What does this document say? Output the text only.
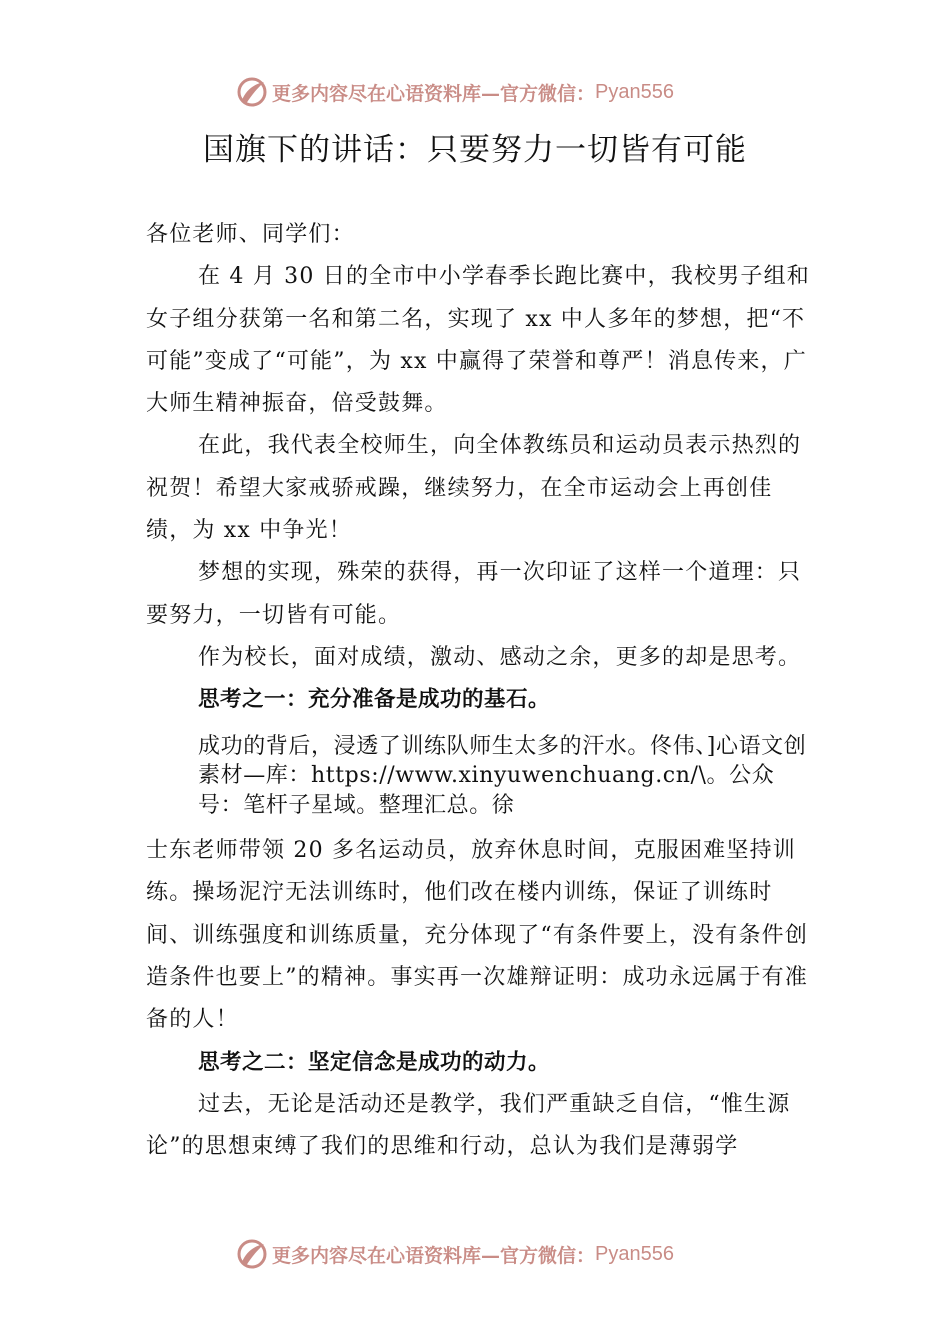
更多内容尽在心语资料库—官方微信： Pyan556
国旗下的讲话：只要努力一切皆有可能

各位老师、同学们：

在 4 月 30 日的全市中小学春季长跑比赛中，我校男子组和女子组分获第一名和第二名，实现了 xx 中人多年的梦想，把“不可能”变成了“可能”，为 xx 中赢得了荣誉和尊严！消息传来，广大师生精神振奋，倍受鼓舞。

在此，我代表全校师生，向全体教练员和运动员表示热烈的祝贺！希望大家戒骄戒躁，继续努力，在全市运动会上再创佳绩，为 xx 中争光！

梦想的实现，殊荣的获得，再一次印证了这样一个道理：只要努力，一切皆有可能。

作为校长，面对成绩，激动、感动之余，更多的却是思考。

思考之一：充分准备是成功的基石。

成功的背后，浸透了训练队师生太多的汗水。佟伟、]心语文创素材—库：https://www.xinyuwenchuang.cn/\。公众号：笔杆子星域。整理汇总。徐

士东老师带领 20 多名运动员，放弃休息时间，克服困难坚持训练。操场泥泞无法训练时，他们改在楼内训练，保证了训练时间、训练强度和训练质量，充分体现了“有条件要上，没有条件创造条件也要上”的精神。事实再一次雄辩证明：成功永远属于有准备的人！

思考之二：坚定信念是成功的动力。

过去，无论是活动还是教学，我们严重缺乏自信，“惟生源论”的思想束缚了我们的思维和行动，总认为我们是薄弱学

更多内容尽在心语资料库—官方微信： Pyan556
